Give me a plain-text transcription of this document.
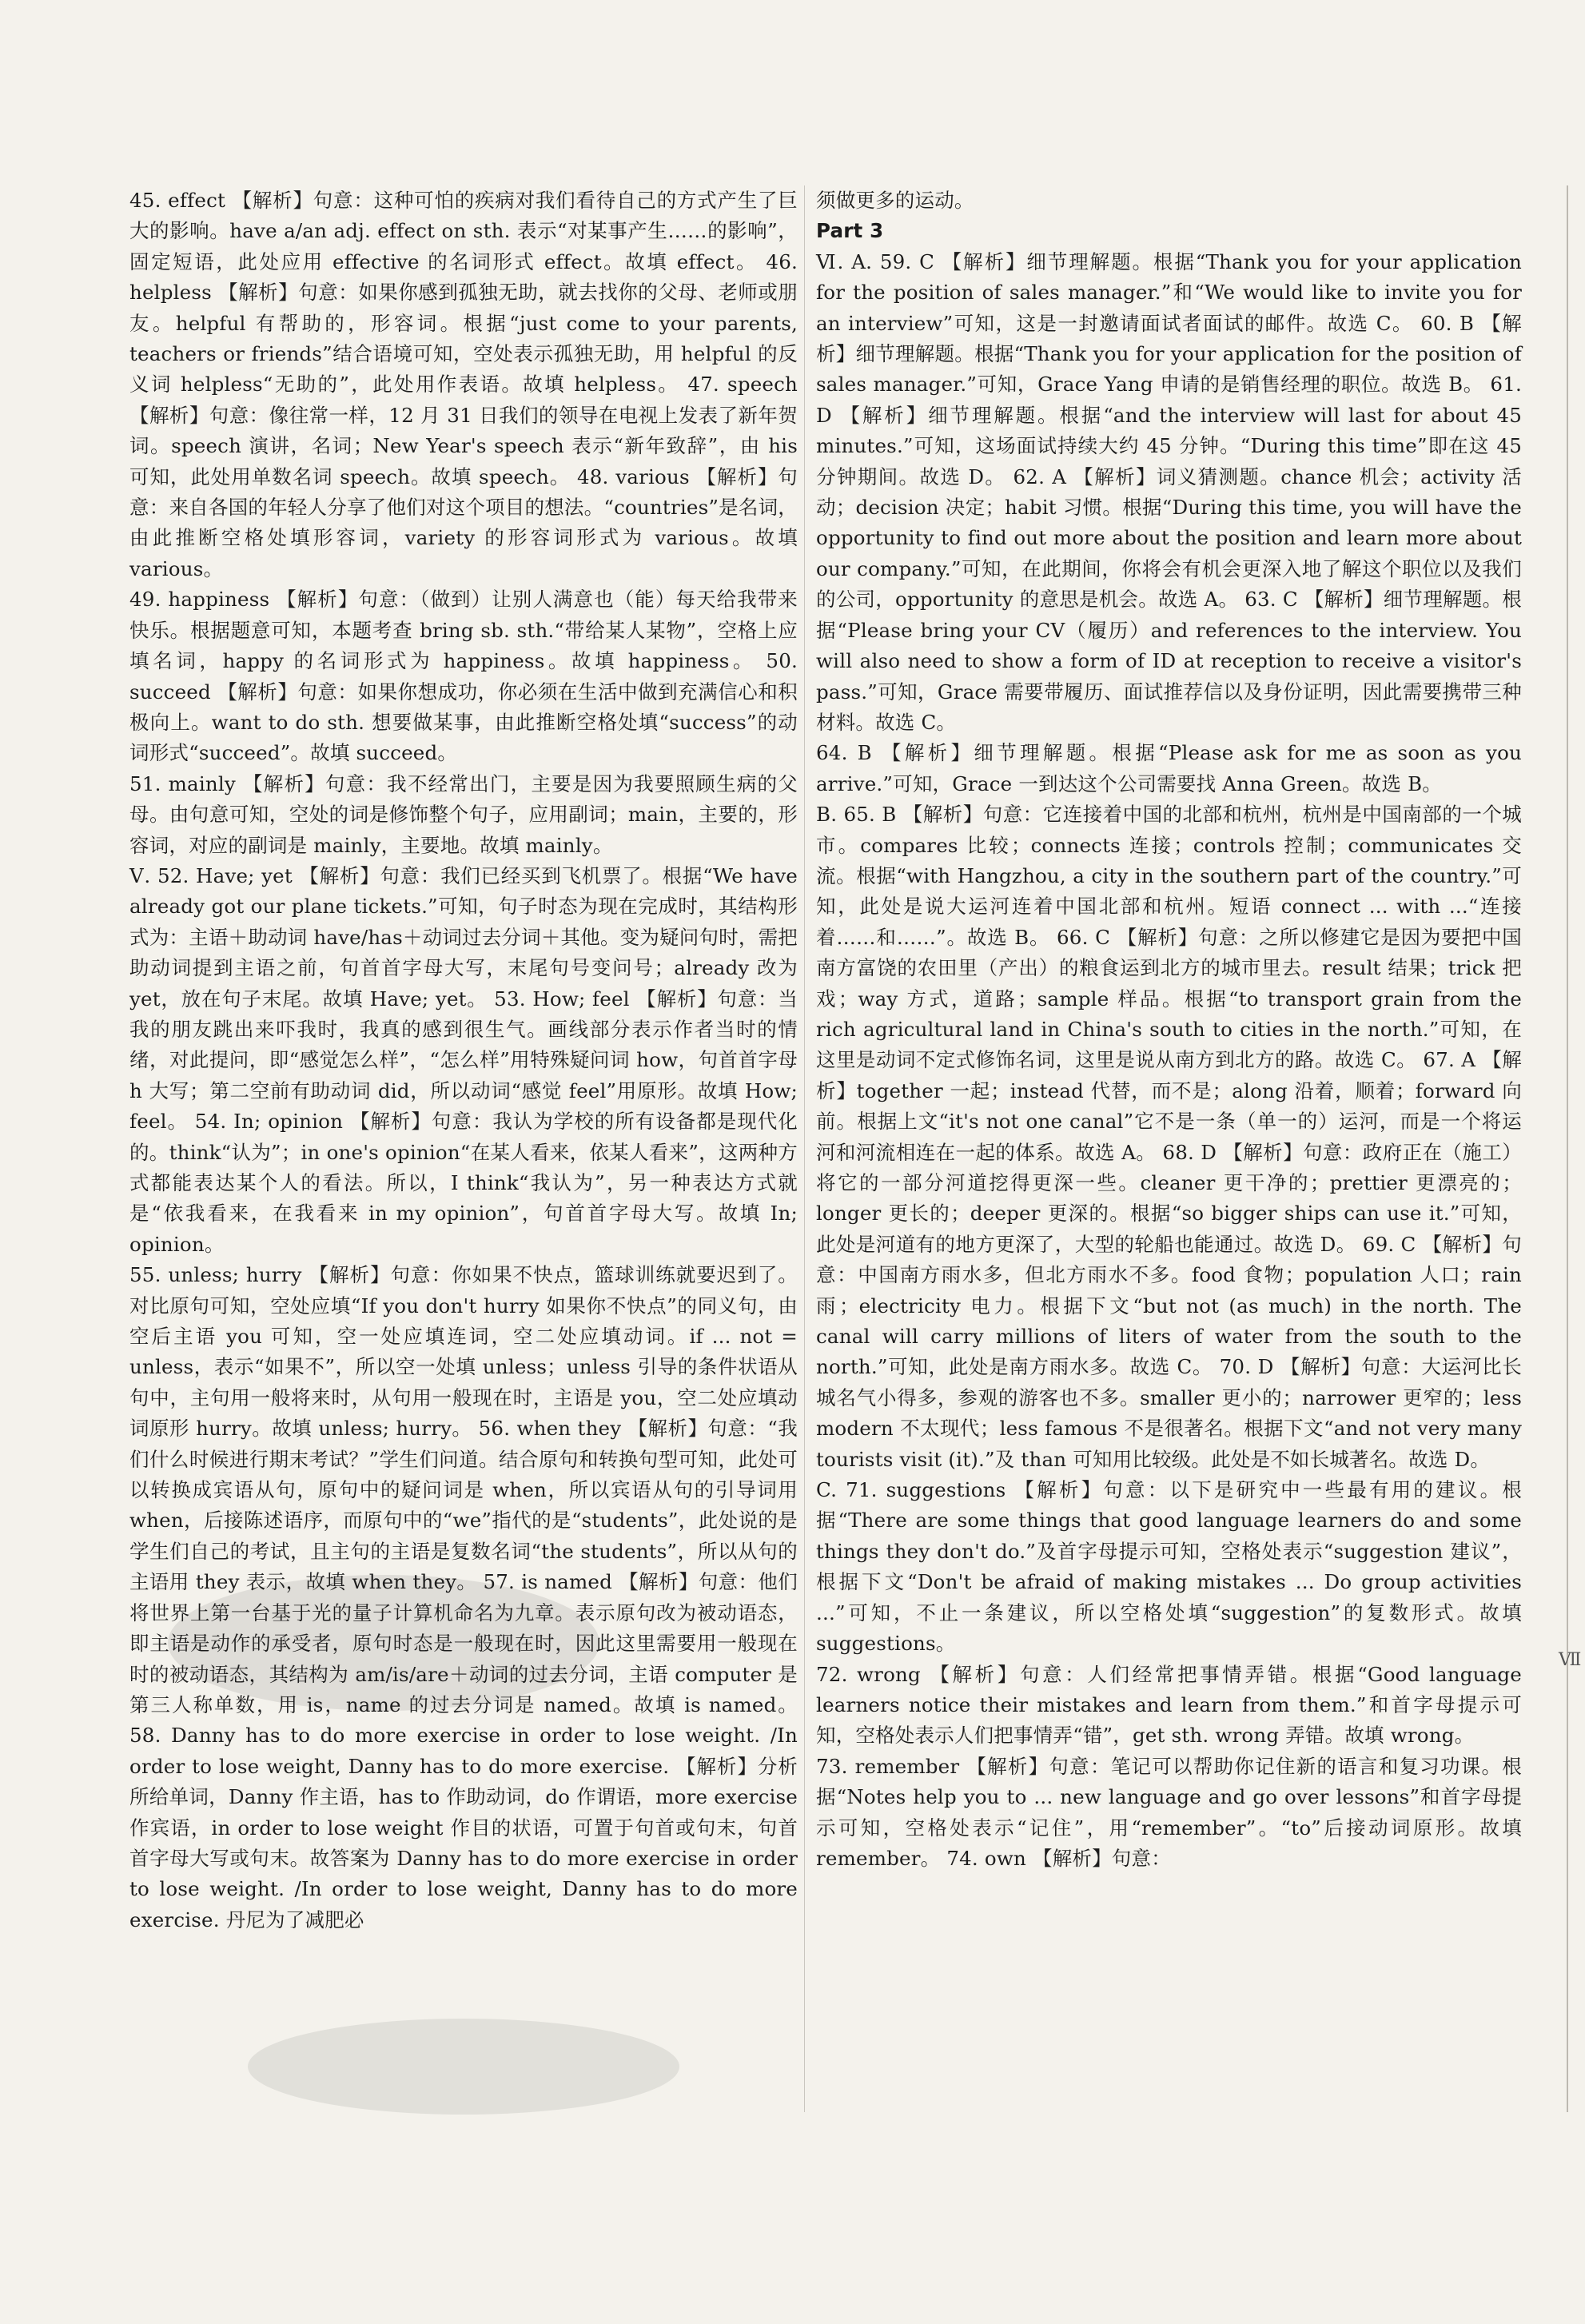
45. effect 【解析】句意：这种可怕的疾病对我们看待自己的方式产生了巨大的影响。have a/an adj. effect on sth. 表示“对某事产生……的影响”，固定短语，此处应用 effective 的名词形式 effect。故填 effect。 46. helpless 【解析】句意：如果你感到孤独无助，就去找你的父母、老师或朋友。helpful 有帮助的，形容词。根据“just come to your parents, teachers or friends”结合语境可知，空处表示孤独无助，用 helpful 的反义词 helpless“无助的”，此处用作表语。故填 helpless。 47. speech 【解析】句意：像往常一样，12 月 31 日我们的领导在电视上发表了新年贺词。speech 演讲，名词；New Year's speech 表示“新年致辞”，由 his 可知，此处用单数名词 speech。故填 speech。 48. various 【解析】句意：来自各国的年轻人分享了他们对这个项目的想法。“countries”是名词，由此推断空格处填形容词，variety 的形容词形式为 various。故填 various。

49. happiness 【解析】句意：（做到）让别人满意也（能）每天给我带来快乐。根据题意可知，本题考查 bring sb. sth.“带给某人某物”，空格上应填名词，happy 的名词形式为 happiness。故填 happiness。 50. succeed 【解析】句意：如果你想成功，你必须在生活中做到充满信心和积极向上。want to do sth. 想要做某事，由此推断空格处填“success”的动词形式“succeed”。故填 succeed。

51. mainly 【解析】句意：我不经常出门，主要是因为我要照顾生病的父母。由句意可知，空处的词是修饰整个句子，应用副词；main，主要的，形容词，对应的副词是 mainly，主要地。故填 mainly。

Ⅴ. 52. Have; yet 【解析】句意：我们已经买到飞机票了。根据“We have already got our plane tickets.”可知，句子时态为现在完成时，其结构形式为：主语＋助动词 have/has＋动词过去分词＋其他。变为疑问句时，需把助动词提到主语之前，句首首字母大写，末尾句号变问号；already 改为 yet，放在句子末尾。故填 Have; yet。 53. How; feel 【解析】句意：当我的朋友跳出来吓我时，我真的感到很生气。画线部分表示作者当时的情绪，对此提问，即“感觉怎么样”，“怎么样”用特殊疑问词 how，句首首字母 h 大写；第二空前有助动词 did，所以动词“感觉 feel”用原形。故填 How; feel。 54. In; opinion 【解析】句意：我认为学校的所有设备都是现代化的。think“认为”；in one's opinion“在某人看来，依某人看来”，这两种方式都能表达某个人的看法。所以，I think“我认为”，另一种表达方式就是“依我看来，在我看来 in my opinion”，句首首字母大写。故填 In; opinion。

55. unless; hurry 【解析】句意：你如果不快点，篮球训练就要迟到了。对比原句可知，空处应填“If you don't hurry 如果你不快点”的同义句，由空后主语 you 可知，空一处应填连词，空二处应填动词。if ... not = unless，表示“如果不”，所以空一处填 unless；unless 引导的条件状语从句中，主句用一般将来时，从句用一般现在时，主语是 you，空二处应填动词原形 hurry。故填 unless; hurry。 56. when they 【解析】句意：“我们什么时候进行期末考试？”学生们问道。结合原句和转换句型可知，此处可以转换成宾语从句，原句中的疑问词是 when，所以宾语从句的引导词用 when，后接陈述语序，而原句中的“we”指代的是“students”，此处说的是学生们自己的考试，且主句的主语是复数名词“the students”，所以从句的主语用 they 表示，故填 when they。 57. is named 【解析】句意：他们将世界上第一台基于光的量子计算机命名为九章。表示原句改为被动语态，即主语是动作的承受者，原句时态是一般现在时，因此这里需要用一般现在时的被动语态，其结构为 am/is/are＋动词的过去分词，主语 computer 是第三人称单数，用 is，name 的过去分词是 named。故填 is named。 58. Danny has to do more exercise in order to lose weight. /In order to lose weight, Danny has to do more exercise. 【解析】分析所给单词，Danny 作主语，has to 作助动词，do 作谓语，more exercise 作宾语，in order to lose weight 作目的状语，可置于句首或句末，句首首字母大写或句末。故答案为 Danny has to do more exercise in order to lose weight. /In order to lose weight, Danny has to do more exercise. 丹尼为了减肥必

须做更多的运动。

Part 3

Ⅵ. A. 59. C 【解析】细节理解题。根据“Thank you for your application for the position of sales manager.”和“We would like to invite you for an interview”可知，这是一封邀请面试者面试的邮件。故选 C。 60. B 【解析】细节理解题。根据“Thank you for your application for the position of sales manager.”可知，Grace Yang 申请的是销售经理的职位。故选 B。 61. D 【解析】细节理解题。根据“and the interview will last for about 45 minutes.”可知，这场面试持续大约 45 分钟。“During this time”即在这 45 分钟期间。故选 D。 62. A 【解析】词义猜测题。chance 机会；activity 活动；decision 决定；habit 习惯。根据“During this time, you will have the opportunity to find out more about the position and learn more about our company.”可知，在此期间，你将会有机会更深入地了解这个职位以及我们的公司，opportunity 的意思是机会。故选 A。 63. C 【解析】细节理解题。根据“Please bring your CV（履历）and references to the interview. You will also need to show a form of ID at reception to receive a visitor's pass.”可知，Grace 需要带履历、面试推荐信以及身份证明，因此需要携带三种材料。故选 C。

64. B 【解析】细节理解题。根据“Please ask for me as soon as you arrive.”可知，Grace 一到达这个公司需要找 Anna Green。故选 B。

B. 65. B 【解析】句意：它连接着中国的北部和杭州，杭州是中国南部的一个城市。compares 比较；connects 连接；controls 控制；communicates 交流。根据“with Hangzhou, a city in the southern part of the country.”可知，此处是说大运河连着中国北部和杭州。短语 connect ... with ...“连接着……和……”。故选 B。 66. C 【解析】句意：之所以修建它是因为要把中国南方富饶的农田里（产出）的粮食运到北方的城市里去。result 结果；trick 把戏；way 方式，道路；sample 样品。根据“to transport grain from the rich agricultural land in China's south to cities in the north.”可知，在这里是动词不定式修饰名词，这里是说从南方到北方的路。故选 C。 67. A 【解析】together 一起；instead 代替，而不是；along 沿着，顺着；forward 向前。根据上文“it's not one canal”它不是一条（单一的）运河，而是一个将运河和河流相连在一起的体系。故选 A。 68. D 【解析】句意：政府正在（施工）将它的一部分河道挖得更深一些。cleaner 更干净的；prettier 更漂亮的；longer 更长的；deeper 更深的。根据“so bigger ships can use it.”可知，此处是河道有的地方更深了，大型的轮船也能通过。故选 D。 69. C 【解析】句意：中国南方雨水多，但北方雨水不多。food 食物；population 人口；rain 雨；electricity 电力。根据下文“but not (as much) in the north. The canal will carry millions of liters of water from the south to the north.”可知，此处是南方雨水多。故选 C。 70. D 【解析】句意：大运河比长城名气小得多，参观的游客也不多。smaller 更小的；narrower 更窄的；less modern 不太现代；less famous 不是很著名。根据下文“and not very many tourists visit (it).”及 than 可知用比较级。此处是不如长城著名。故选 D。

C. 71. suggestions 【解析】句意：以下是研究中一些最有用的建议。根据“There are some things that good language learners do and some things they don't do.”及首字母提示可知，空格处表示“suggestion 建议”，根据下文“Don't be afraid of making mistakes ... Do group activities ...”可知，不止一条建议，所以空格处填“suggestion”的复数形式。故填 suggestions。

72. wrong 【解析】句意：人们经常把事情弄错。根据“Good language learners notice their mistakes and learn from them.”和首字母提示可知，空格处表示人们把事情弄“错”，get sth. wrong 弄错。故填 wrong。

73. remember 【解析】句意：笔记可以帮助你记住新的语言和复习功课。根据“Notes help you to ... new language and go over lessons”和首字母提示可知，空格处表示“记住”，用“remember”。“to”后接动词原形。故填 remember。 74. own 【解析】句意：

Ⅶ
